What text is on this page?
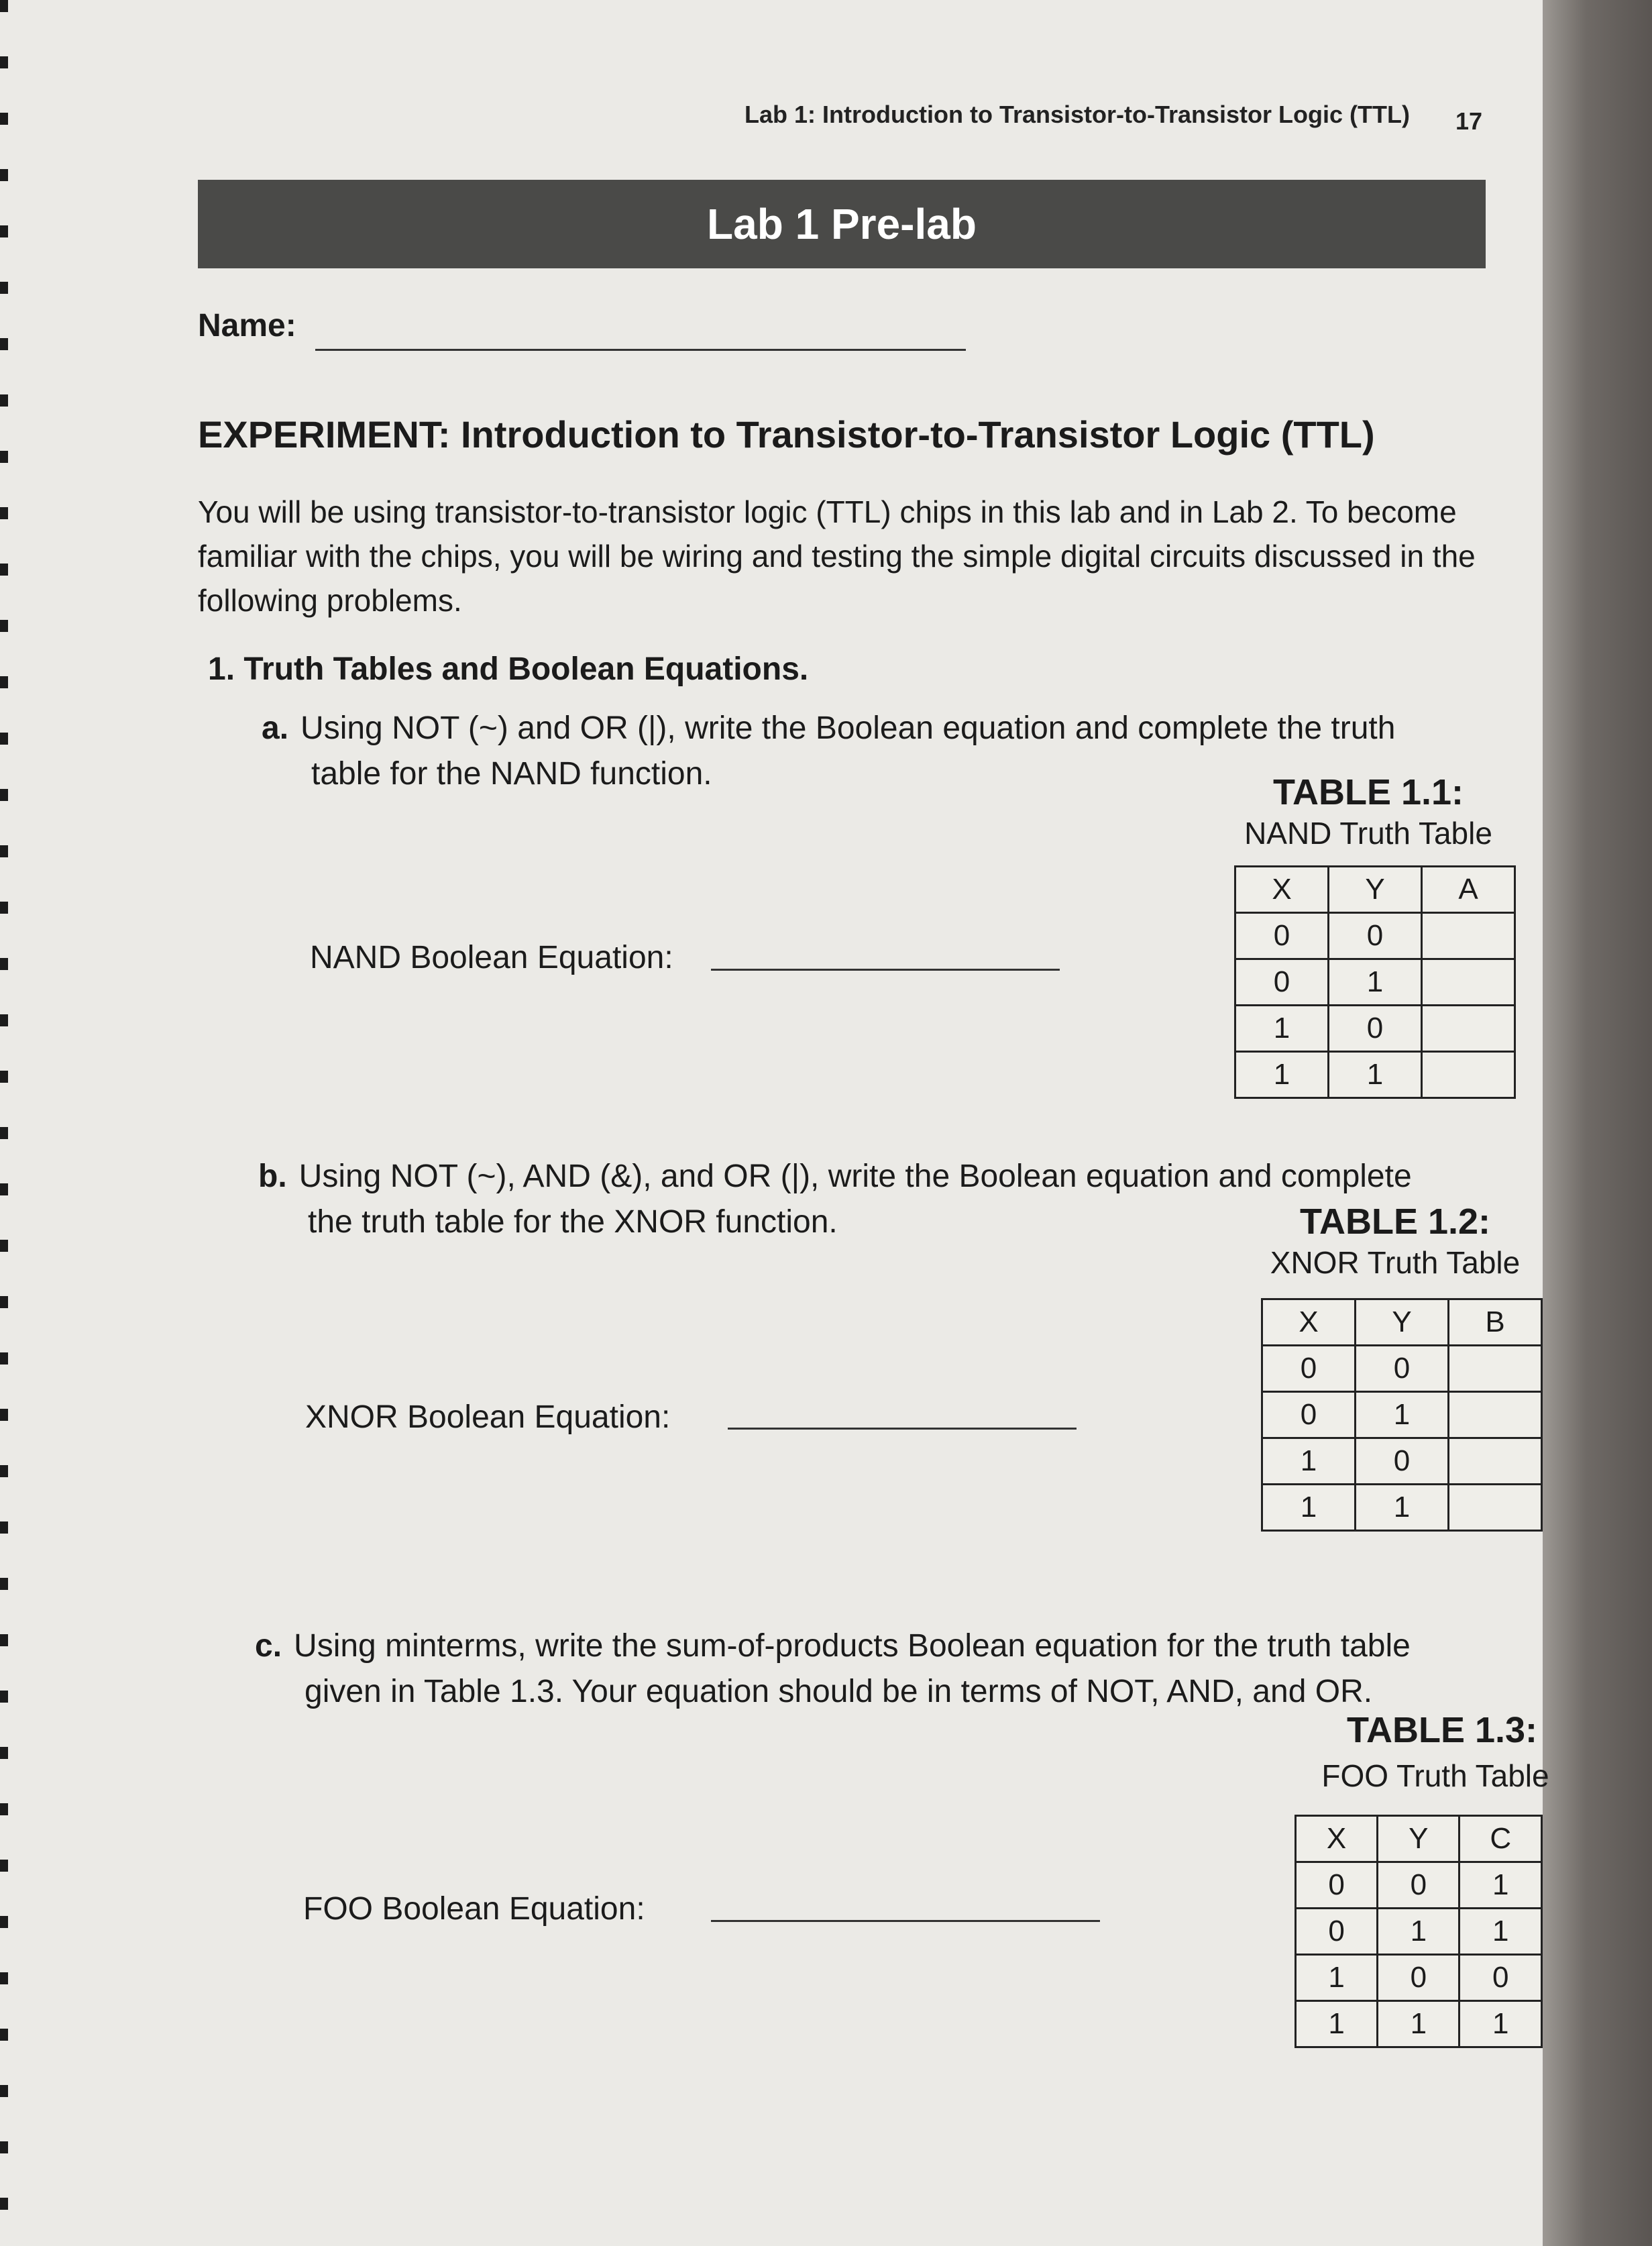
Lab 1: Introduction to Transistor-to-Transistor Logic (TTL) 17
Lab 1 Pre-lab
Name:
EXPERIMENT: Introduction to Transistor-to-Transistor Logic (TTL)
You will be using transistor-to-transistor logic (TTL) chips in this lab and in Lab 2. To become familiar with the chips, you will be wiring and testing the simple digital circuits discussed in the following problems.
1. Truth Tables and Boolean Equations.
a. Using NOT (~) and OR (|), write the Boolean equation and complete the truth
table for the NAND function.
NAND Boolean Equation:
TABLE 1.1:
NAND Truth Table
X	Y	A
0	0	
0	1	
1	0	
1	1	
b. Using NOT (~), AND (&), and OR (|), write the Boolean equation and complete
the truth table for the XNOR function.
XNOR Boolean Equation:
TABLE 1.2:
XNOR Truth Table
X	Y	B
0	0	
0	1	
1	0	
1	1	
c. Using minterms, write the sum-of-products Boolean equation for the truth table
given in Table 1.3. Your equation should be in terms of NOT, AND, and OR.
FOO Boolean Equation:
TABLE 1.3:
FOO Truth Table
X	Y	C
0	0	1
0	1	1
1	0	0
1	1	1
